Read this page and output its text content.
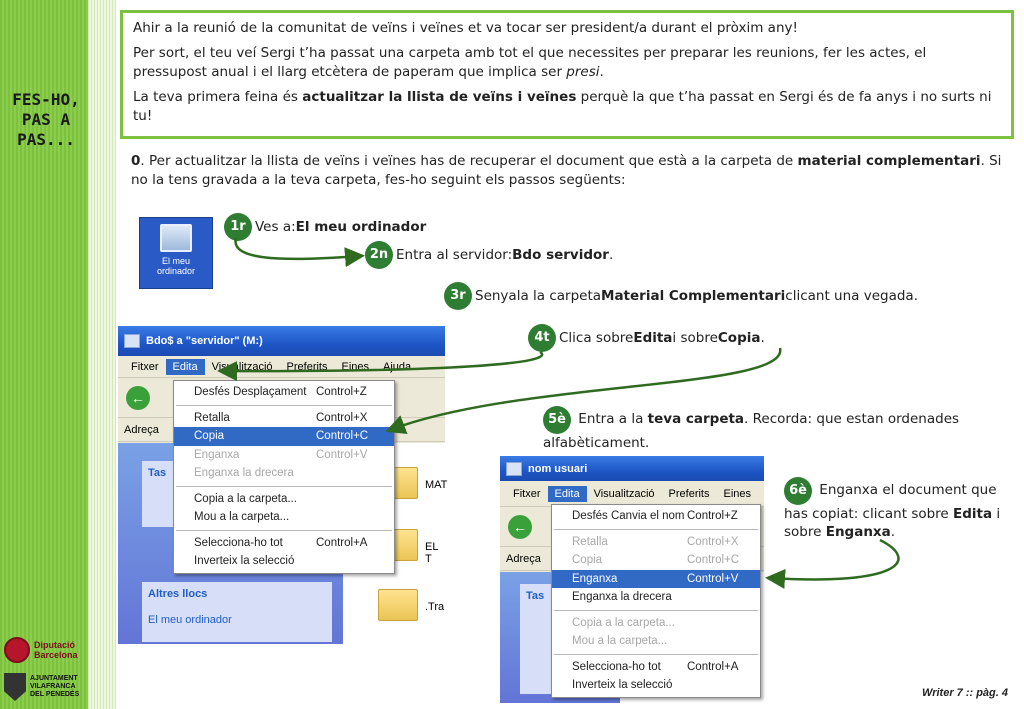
FES-HO,
PAS A
PAS...
Diputació
Barcelona
AJUNTAMENT
VILAFRANCA
DEL PENEDÈS

Ahir a la reunió de la comunitat de veïns i veïnes et va tocar ser president/a durant el pròxim any!

Per sort, el teu veí Sergi t’ha passat una carpeta amb tot el que necessites per preparar les reunions, fer les actes, el pressupost anual i el llarg etcètera de paperam que implica ser presi.

La teva primera feina és actualitzar la llista de veïns i veïnes perquè la que t’ha passat en Sergi és de fa anys i no surts ni tu!

0. Per actualitzar la llista de veïns i veïnes has de recuperar el document que està a la carpeta de material complementari. Si no la tens gravada a la teva carpeta, fes-ho seguint els passos següents:
El meu
ordinador
1r Ves a: El meu ordinador
2n Entra al servidor: Bdo servidor .
3r Senyala la carpeta Material Complementari clicant una vegada.
4t Clica sobre Edita i sobre Copia .
5è Entra a la teva carpeta. Recorda: que estan ordenades alfabèticament.
6è Enganxa el document que has copiat: clicant sobre Edita i sobre Enganxa.
Bdo$ a "servidor" (M:)
Fitxer	Edita	Visualització	Preferits	Eines	Ajuda
←
Adreça
Tas
Altres llocs
El meu ordinador
MAT
EL T
.Tra
Desfés Desplaçament Control+Z
Retalla	Control+X
Copia	Control+C
Enganxa	Control+V
Enganxa la drecera
Copia a la carpeta...
Mou a la carpeta...
Selecciona-ho tot	Control+A
Inverteix la selecció
nom usuari
Fitxer	Edita	Visualització	Preferits	Eines
←
Adreça
Tas
Desfés Canvia el nom Control+Z
Retalla	Control+X
Copia	Control+C
Enganxa	Control+V
Enganxa la drecera
Copia a la carpeta...
Mou a la carpeta...
Selecciona-ho tot Control+A
Inverteix la selecció
Writer 7 :: pàg. 4
